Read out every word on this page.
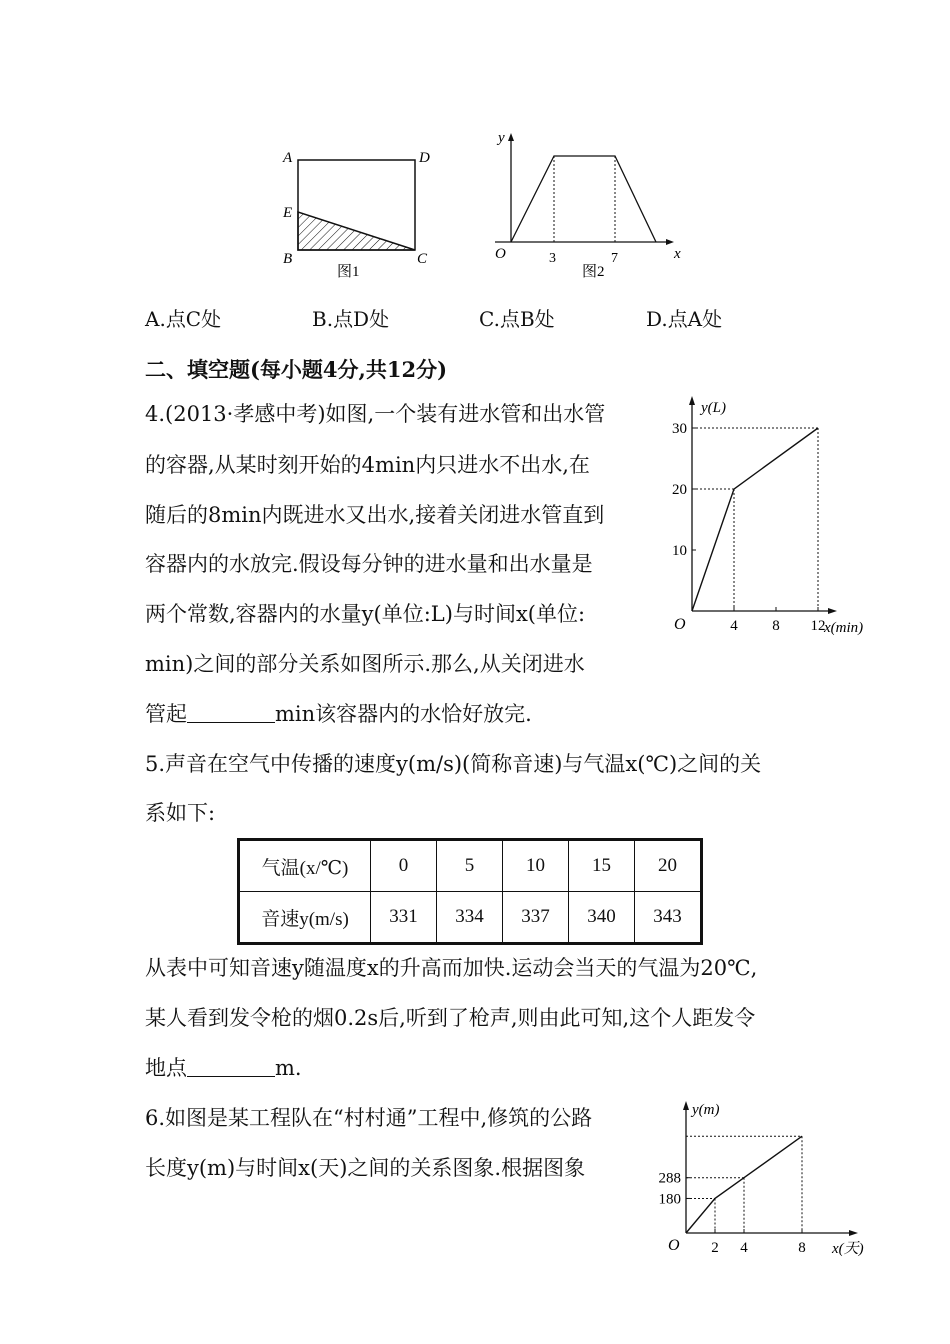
A	D
E
B	C
图1
y
x
O	3	7
图2
A.点C处	B.点D处	C.点B处	D.点A处
二、填空题(每小题4分,共12分)
4.(2013·孝感中考)如图,一个装有进水管和出水管
的容器,从某时刻开始的4min内只进水不出水,在
随后的8min内既进水又出水,接着关闭进水管直到
容器内的水放完.假设每分钟的进水量和出水量是
两个常数,容器内的水量y(单位:L)与时间x(单位:
min)之间的部分关系如图所示.那么,从关闭进水
管起	min该容器内的水恰好放完.
y(L)
x(min)
O	4 8 12
10
20
30
5.声音在空气中传播的速度y(m/s)(简称音速)与气温x(℃)之间的关
系如下:
气温(x/℃)	0	5	10	15	20
音速y(m/s)	331	334	337	340	343
从表中可知音速y随温度x的升高而加快.运动会当天的气温为20℃,
某人看到发令枪的烟0.2s后,听到了枪声,则由此可知,这个人距发令
地点	m.
6.如图是某工程队在“村村通”工程中,修筑的公路
长度y(m)与时间x(天)之间的关系图象.根据图象
y(m)
x(天)
O 2 4	8
180
288
